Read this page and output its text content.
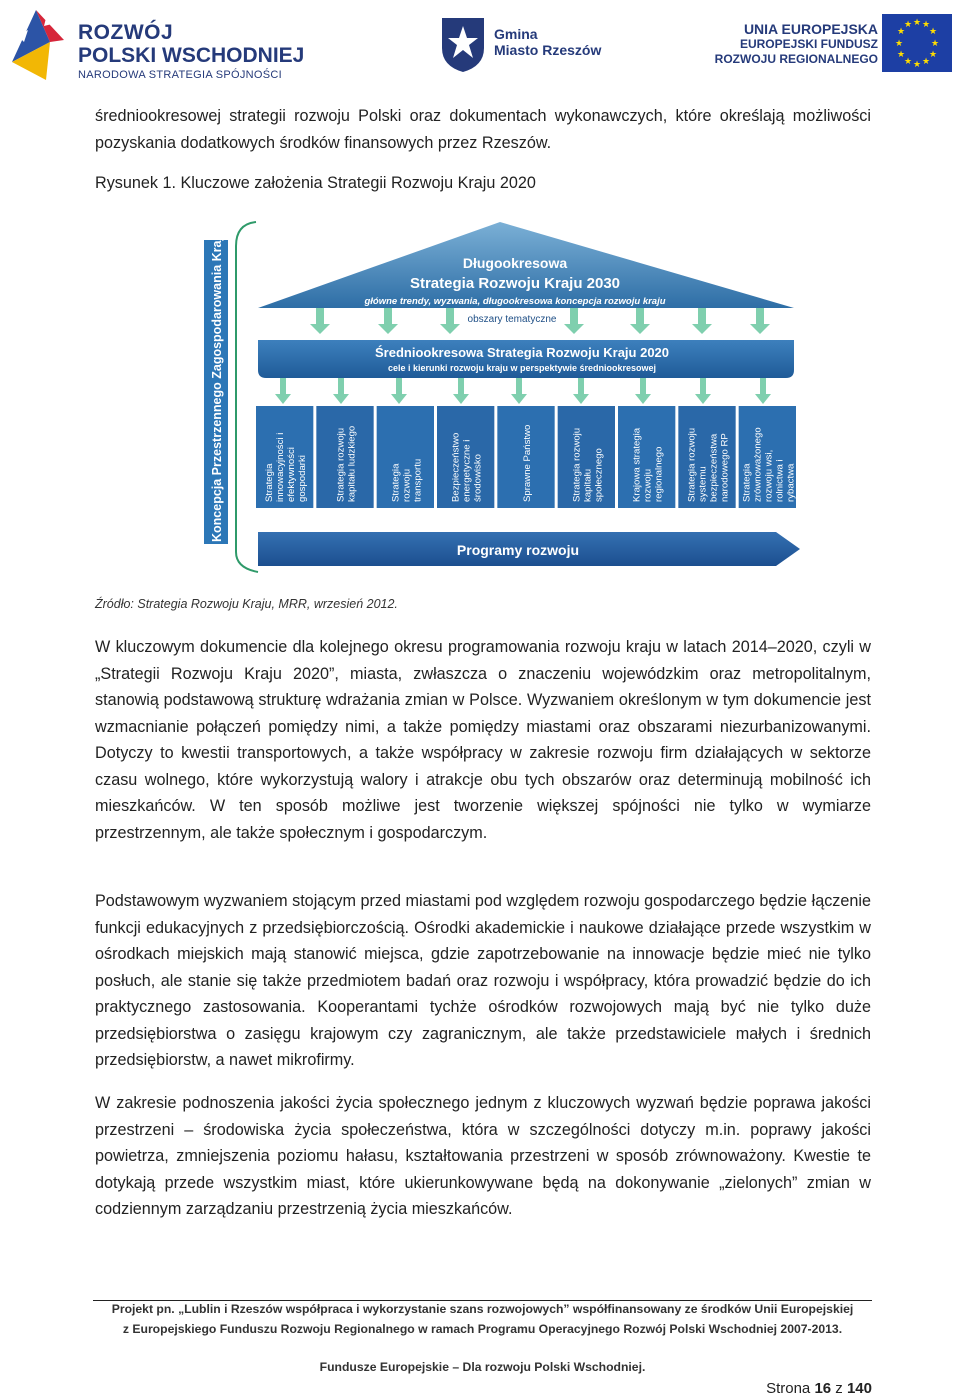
ROZWÓJ
POLSKI WSCHODNIEJ
NARODOWA STRATEGIA SPÓJNOŚCI
Gmina
Miasto Rzeszów
UNIA EUROPEJSKA
EUROPEJSKI FUNDUSZ
ROZWOJU REGIONALNEGO
★ ★
★
★
★
★
★
★
★
★
★
★
średniookresowej strategii rozwoju Polski oraz dokumentach wykonawczych, które określają możliwości pozyskania dodatkowych środków finansowych przez Rzeszów.
Rysunek 1. Kluczowe założenia Strategii Rozwoju Kraju 2020
Koncepcja Przestrzennego Zagospodarowania Kraju	Długookresowa
Strategia Rozwoju Kraju 2030
główne trendy, wyzwania, długookresowa koncepcja rozwoju kraju
obszary tematyczne
Średniookresowa Strategia Rozwoju Kraju 2020
cele i kierunki rozwoju kraju w perspektywie średniookresowej
Strategia innowacyjności i efektywności gospodarki	Strategia rozwoju kapitału ludzkiego	Strategia rozwoju transportu	Bezpieczeństwo energetyczne i środowisko	Sprawne Państwo	Strategia rozwoju kapitału społecznego	Krajowa strategia rozwoju regionalnego Strategia rozwoju systemu bezpieczeństwa narodowego RP Strategia zrównoważonego rozwoju wsi, rolnictwa i rybactwa
Programy rozwoju
Źródło: Strategia Rozwoju Kraju, MRR, wrzesień 2012.
W kluczowym dokumencie dla kolejnego okresu programowania rozwoju kraju w latach 2014–2020, czyli w „Strategii Rozwoju Kraju 2020”, miasta, zwłaszcza o znaczeniu wojewódzkim oraz metropolitalnym, stanowią podstawową strukturę wdrażania zmian w Polsce. Wyzwaniem określonym w tym dokumencie jest wzmacnianie połączeń pomiędzy nimi, a także pomiędzy miastami oraz obszarami niezurbanizowanymi. Dotyczy to kwestii transportowych, a także współpracy w zakresie rozwoju firm działających w sektorze czasu wolnego, które wykorzystują walory i atrakcje obu tych obszarów oraz determinują mobilność ich mieszkańców. W ten sposób możliwe jest tworzenie większej spójności nie tylko w wymiarze przestrzennym, ale także społecznym i gospodarczym.
Podstawowym wyzwaniem stojącym przed miastami pod względem rozwoju gospodarczego będzie łączenie funkcji edukacyjnych z przedsiębiorczością. Ośrodki akademickie i naukowe działające przede wszystkim w ośrodkach miejskich mają stanowić miejsca, gdzie zapotrzebowanie na innowacje będzie mieć nie tylko posłuch, ale stanie się także przedmiotem badań oraz rozwoju i współpracy, która prowadzić będzie do ich praktycznego zastosowania. Kooperantami tychże ośrodków rozwojowych mają być nie tylko duże przedsiębiorstwa o zasięgu krajowym czy zagranicznym, ale także przedstawiciele małych i średnich przedsiębiorstw, a nawet mikrofirmy.
W zakresie podnoszenia jakości życia społecznego jednym z kluczowych wyzwań będzie poprawa jakości przestrzeni – środowiska życia społeczeństwa, która w szczególności dotyczy m.in. poprawy jakości powietrza, zmniejszenia poziomu hałasu, kształtowania przestrzeni w sposób zrównoważony. Kwestie te dotykają przede wszystkim miast, które ukierunkowywane będą na dokonywanie „zielonych” zmian w codziennym zarządzaniu przestrzenią życia mieszkańców.
Projekt pn. „Lublin i Rzeszów współpraca i wykorzystanie szans rozwojowych” współfinansowany ze środków Unii Europejskiej
z Europejskiego Funduszu Rozwoju Regionalnego w ramach Programu Operacyjnego Rozwój Polski Wschodniej 2007-2013.
Fundusze Europejskie – Dla rozwoju Polski Wschodniej.
Strona 16 z 140
